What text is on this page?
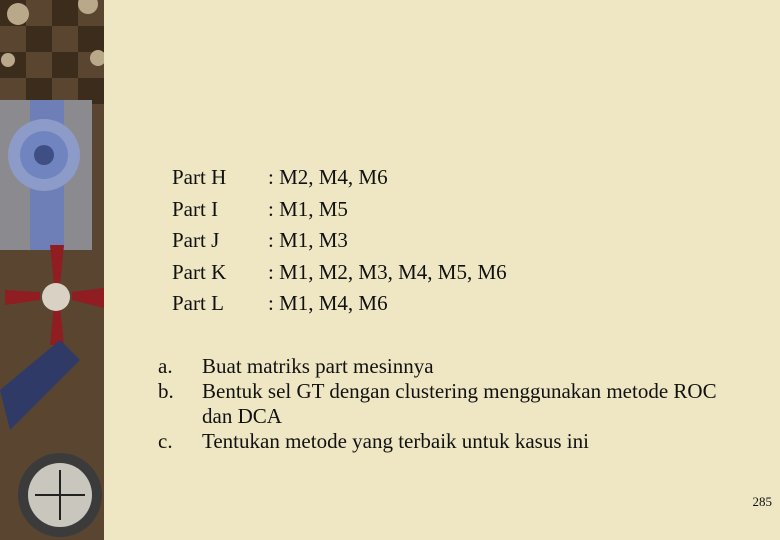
Part H	: M2, M4, M6
Part I	: M1, M5
Part J	: M1, M3
Part K	: M1, M2, M3, M4, M5, M6
Part L	: M1, M4, M6
a.	Buat matriks part mesinnya
b.	Bentuk sel GT dengan clustering menggunakan metode ROC dan DCA
c.	Tentukan metode yang terbaik untuk kasus ini
285
